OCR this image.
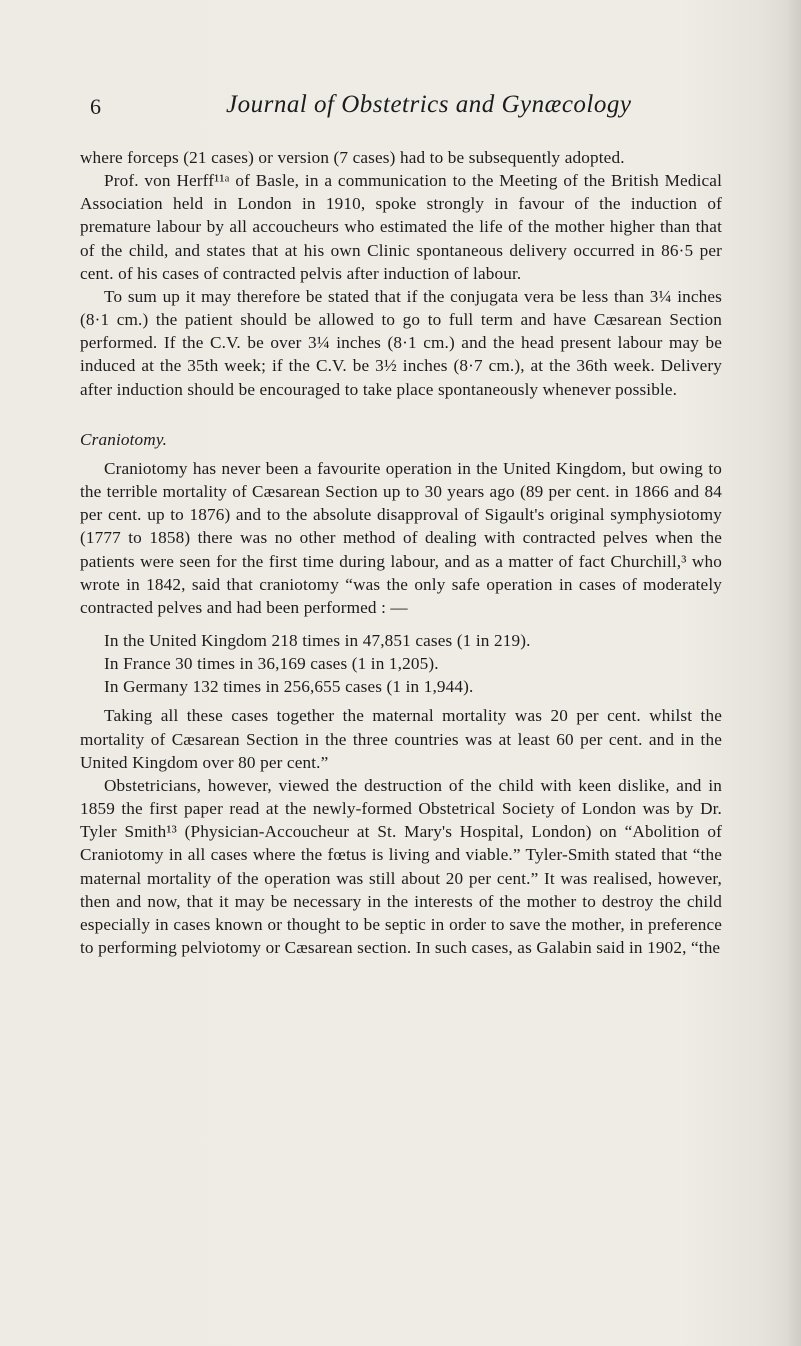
6	Journal of Obstetrics and Gynæcology

where forceps (21 cases) or version (7 cases) had to be subsequently adopted.

Prof. von Herff¹¹ᵃ of Basle, in a communication to the Meeting of the British Medical Association held in London in 1910, spoke strongly in favour of the induction of premature labour by all accoucheurs who estimated the life of the mother higher than that of the child, and states that at his own Clinic spontaneous delivery occurred in 86·5 per cent. of his cases of contracted pelvis after induction of labour.

To sum up it may therefore be stated that if the conjugata vera be less than 3¼ inches (8·1 cm.) the patient should be allowed to go to full term and have Cæsarean Section performed. If the C.V. be over 3¼ inches (8·1 cm.) and the head present labour may be induced at the 35th week; if the C.V. be 3½ inches (8·7 cm.), at the 36th week. Delivery after induction should be encouraged to take place spontaneously whenever possible.

Craniotomy.

Craniotomy has never been a favourite operation in the United Kingdom, but owing to the terrible mortality of Cæsarean Section up to 30 years ago (89 per cent. in 1866 and 84 per cent. up to 1876) and to the absolute disapproval of Sigault's original symphysiotomy (1777 to 1858) there was no other method of dealing with contracted pelves when the patients were seen for the first time during labour, and as a matter of fact Churchill,³ who wrote in 1842, said that craniotomy “was the only safe operation in cases of moderately contracted pelves and had been performed : —

In the United Kingdom 218 times in 47,851 cases (1 in 219).

In France 30 times in 36,169 cases (1 in 1,205).

In Germany 132 times in 256,655 cases (1 in 1,944).

Taking all these cases together the maternal mortality was 20 per cent. whilst the mortality of Cæsarean Section in the three countries was at least 60 per cent. and in the United Kingdom over 80 per cent.”

Obstetricians, however, viewed the destruction of the child with keen dislike, and in 1859 the first paper read at the newly-formed Obstetrical Society of London was by Dr. Tyler Smith¹³ (Physician-Accoucheur at St. Mary's Hospital, London) on “Abolition of Craniotomy in all cases where the fœtus is living and viable.” Tyler-Smith stated that “the maternal mortality of the operation was still about 20 per cent.” It was realised, however, then and now, that it may be necessary in the interests of the mother to destroy the child especially in cases known or thought to be septic in order to save the mother, in preference to performing pelviotomy or Cæsarean section. In such cases, as Galabin said in 1902, “the
